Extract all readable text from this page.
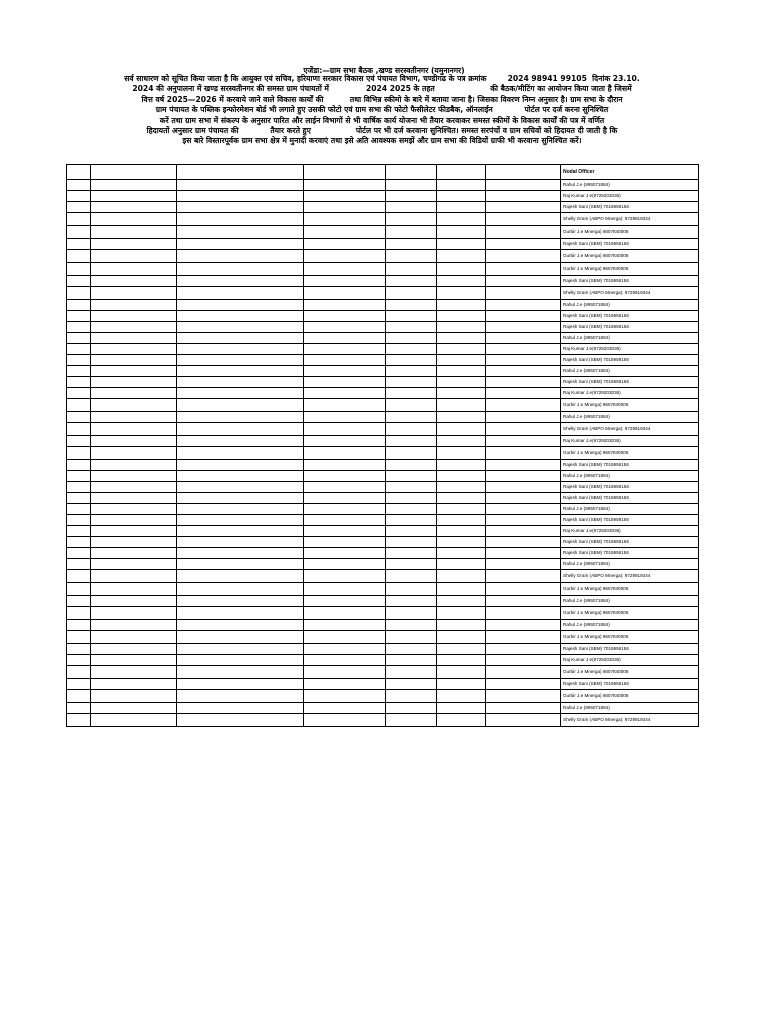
एजेंडा:—ग्राम सभा बैठक ,खण्ड सरस्वतीनगर (यमुनानगर)

सर्व साधारण को सूचित किया जाता है कि आयुक्त एवं सचिव, हरियाणा सरकार विकास एवं पंचायत विभाग, चण्डीगढ के पत्र क्रमांक        2024 98941 99105  दिनांक 23.10.

2024 की अनुपालना में खण्ड सरस्वतीनगर की समस्त ग्राम पंचायतों में              2024 2025 के तहत                     की बैठक/मीटिंग का आयोजन किया जाता है जिसमें

वित्त वर्ष 2025—2026 में करवाये जाने वाले विकास कार्यों की          तथा विभिन्न स्कीमो के बारे में बताया जाना है। जिसका विवरण निम्न अनुसार है। ग्राम सभा के दौरान

ग्राम पंचायत के पब्लिक इन्फोरमेशन बोर्ड भी लगाते हुए उसकी फोटो एवं ग्राम सभा की फोटो फैसीलेटर फीडबैक, ऑनलाईन            पोर्टल पर दर्ज करना सुनिश्चित

करें तथा ग्राम सभा में संकल्प के अनुसार पारित और लाईन विभागों से भी वार्षिक कार्य योजना भी तैयार करवाकर समस्त स्कीमों के विकास कार्यों की पत्र में वर्णित

हिदायतों अनुसार ग्राम पंचायत की            तैयार करते हुए                 पोर्टल पर भी दर्ज करवाना सुनिश्चित। समस्त सरपंचों व ग्राम सचिवों को हिदायत दी जाती है कि

इस बारे विस्तारपूर्वक ग्राम सभा क्षेत्र में मुनादी करवाएं तथा इसे अति आवश्यक समझें और ग्राम सभा की विडियों ग्राफी भी करवाना सुनिश्चित करें।

							Nodal Officer
							Rahul J.e (895071884)
							Raj Kumar J.e(9729203036)
							Rajesh Sani (SBM) 7015959156
							Shelly Gram (ABPO Mnerga): 9729919344
							Gurbir J.e Mnerga) 8607840006
							Rajesh Sani (SBM) 7015959156
							Gurbir J.e Mnerga) 8607840006
							Gurbir J.e Mnerga) 8607840006
							Rajesh Sani (SBM) 7015959156
							Shelly Gram (ABPO Mnerga): 9729919344
							Rahul J.e (895071884)
							Rajesh Sani (SBM) 7015959156
							Rajesh Sani (SBM) 7015959156
							Rahul J.e (895071884)
							Raj Kumar J.e(9729203036)
							Rajesh Sani (SBM) 7015959156
							Rahul J.e (895071884)
							Rajesh Sani (SBM) 7015959156
							Raj Kumar J.e(9729203036)
							Gurbir J.e Mnerga) 8607840006
							Rahul J.e (895071884)
							Shelly Gram (ABPO Mnerga): 9729919344
							Raj Kumar J.e(9729203036)
							Gurbir J.e Mnerga) 8607840006
							Rajesh Sani (SBM) 7015959156
							Rahul J.e (895071884)
							Rajesh Sani (SBM) 7015959156
							Rajesh Sani (SBM) 7015959156
							Rahul J.e (895071884)
							Rajesh Sani (SBM) 7015959156
							Raj Kumar J.e(9729203036)
							Rajesh Sani (SBM) 7015959156
							Rajesh Sani (SBM) 7015959156
							Rahul J.e (895071884)
							Shelly Gram (ABPO Mnerga): 9729919344
							Gurbir J.e Mnerga) 8607840006
							Rahul J.e (895071884)
							Gurbir J.e Mnerga) 8607840006
							Rahul J.e (895071884)
							Gurbir J.e Mnerga) 8607840006
							Rajesh Sani (SBM) 7015959156
							Raj Kumar J.e(9729203036)
							Gurbir J.e Mnerga) 8607840006
							Rajesh Sani (SBM) 7015959156
							Gurbir J.e Mnerga) 8607840006
							Rahul J.e (895071884)
							Shelly Gram (ABPO Mnerga): 9729919344
